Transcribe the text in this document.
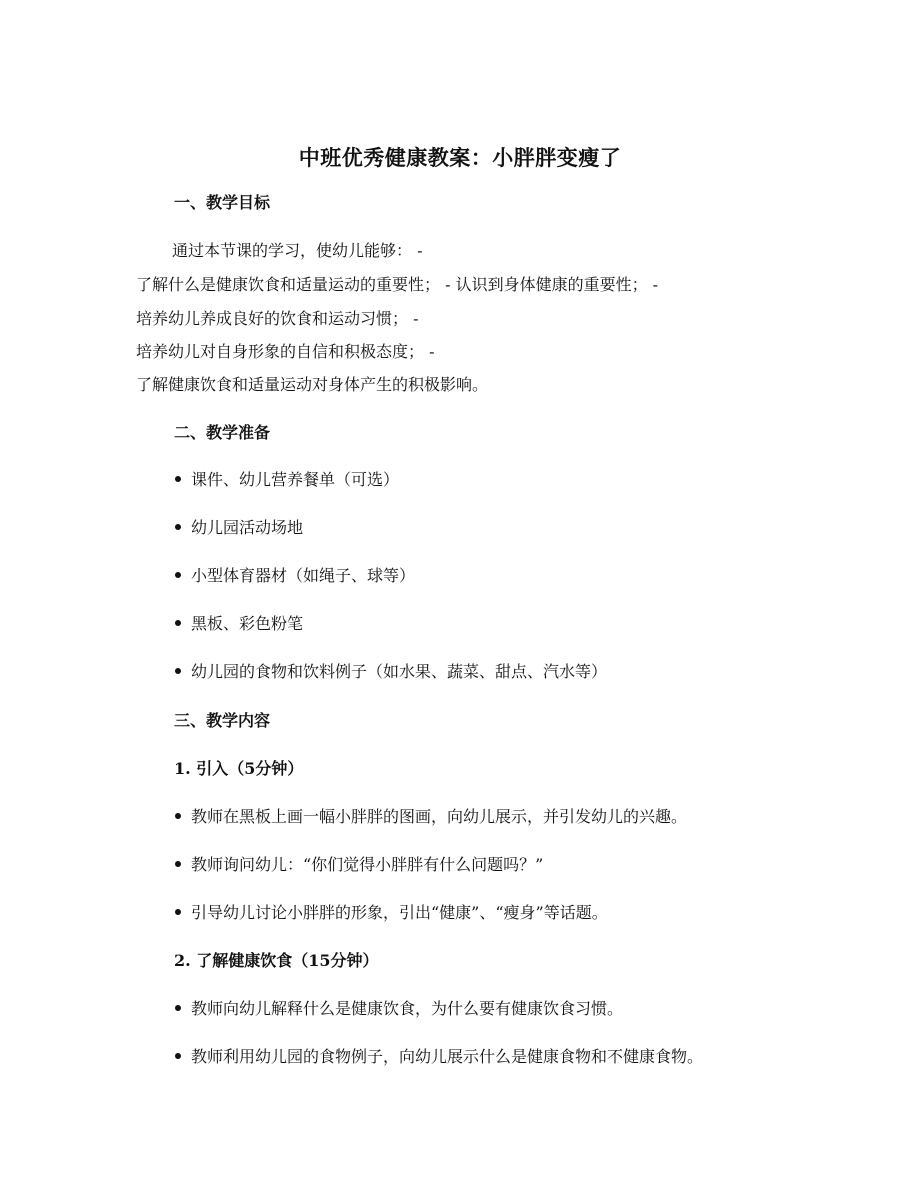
中班优秀健康教案：小胖胖变瘦了
一、教学目标
通过本节课的学习，使幼儿能够： -
了解什么是健康饮食和适量运动的重要性； - 认识到身体健康的重要性； -
培养幼儿养成良好的饮食和运动习惯； -
培养幼儿对自身形象的自信和积极态度； -
了解健康饮食和适量运动对身体产生的积极影响。
二、教学准备
课件、幼儿营养餐单（可选）
幼儿园活动场地
小型体育器材（如绳子、球等）
黑板、彩色粉笔
幼儿园的食物和饮料例子（如水果、蔬菜、甜点、汽水等）
三、教学内容
1. 引入（5分钟）
教师在黑板上画一幅小胖胖的图画，向幼儿展示，并引发幼儿的兴趣。
教师询问幼儿：“你们觉得小胖胖有什么问题吗？”
引导幼儿讨论小胖胖的形象，引出“健康”、“瘦身”等话题。
2. 了解健康饮食（15分钟）
教师向幼儿解释什么是健康饮食，为什么要有健康饮食习惯。
教师利用幼儿园的食物例子，向幼儿展示什么是健康食物和不健康食物。
